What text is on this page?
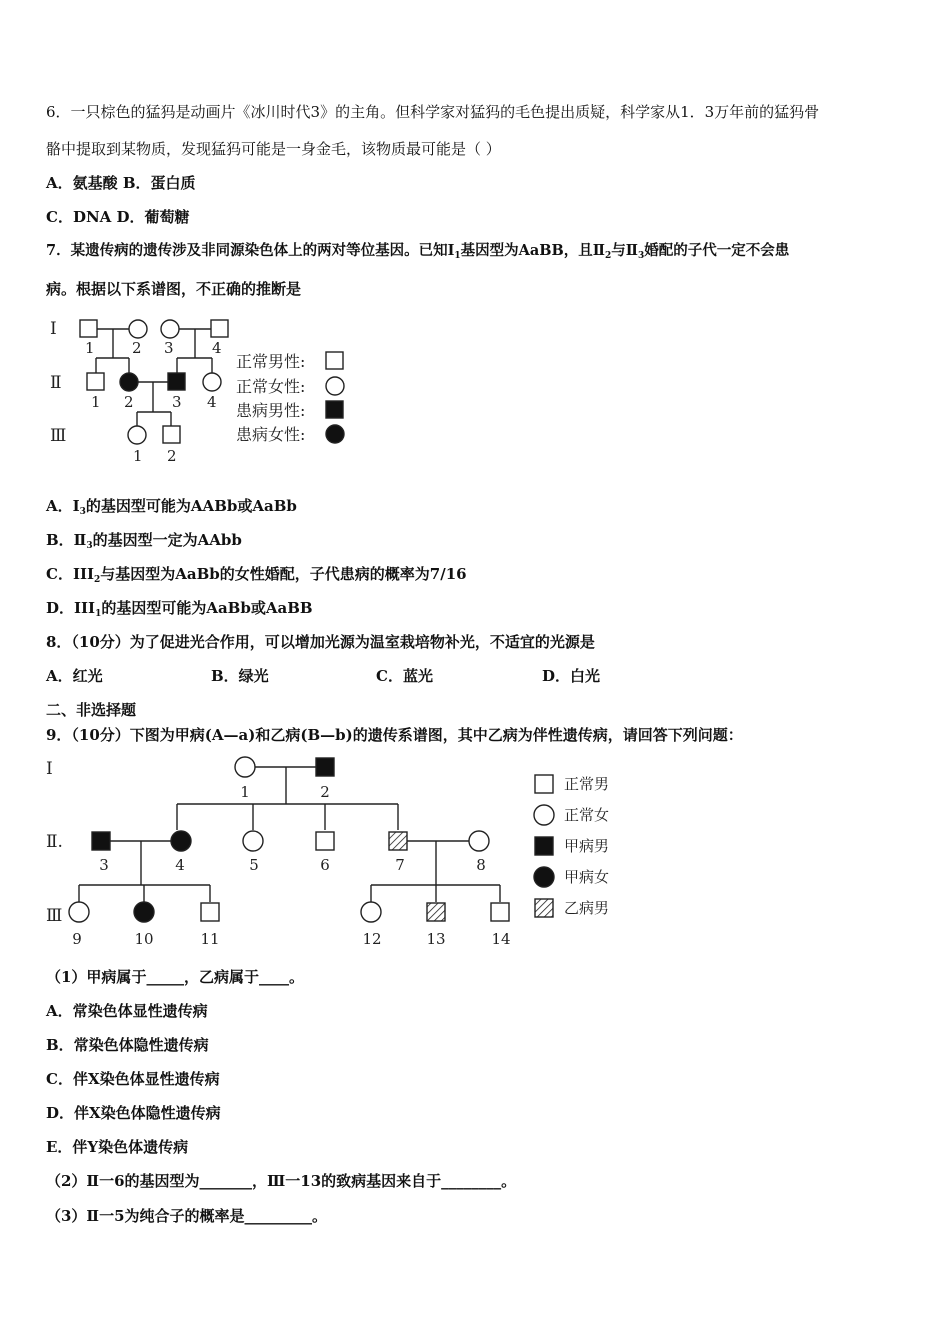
6．一只棕色的猛犸是动画片《冰川时代3》的主角。但科学家对猛犸的毛色提出质疑，科学家从1．3万年前的猛犸骨
骼中提取到某物质，发现猛犸可能是一身金毛，该物质最可能是（ ）
A．氨基酸 B．蛋白质
C．DNA D．葡萄糖
7．某遗传病的遗传涉及非同源染色体上的两对等位基因。已知$I_1$基因型为AaBB，且$Ⅱ_2$与$Ⅱ_3$婚配的子代一定不会患
病。根据以下系谱图，不正确的推断是
Ⅰ
Ⅱ
Ⅲ
1 2 3	4
1 2	3 4
1 2
正常男性:
正常女性:
患病男性:
患病女性:
A．$Ⅰ_3$的基因型可能为AABb或AaBb
B．$Ⅱ_3$的基因型一定为AAbb
C．$III_2$与基因型为AaBb的女性婚配，子代患病的概率为7/16
D．$III_1$的基因型可能为AaBb或AaBB
8．（10分）为了促进光合作用，可以增加光源为温室栽培物补光，不适宜的光源是
A．红光	B．绿光	C．蓝光	D．白光
二、非选择题
9．（10分）下图为甲病(A—a)和乙病(B—b)的遗传系谱图，其中乙病为伴性遗传病，请回答下列问题：
Ⅰ
Ⅱ.
Ⅲ
1	2
3	4	5	6	7	8
9	10	11	12	13	14
正常男
正常女
甲病男
甲病女
乙病男
（1）甲病属于_____，乙病属于____。
A．常染色体显性遗传病
B．常染色体隐性遗传病
C．伴X染色体显性遗传病
D．伴X染色体隐性遗传病
E．伴Y染色体遗传病
（2）Ⅱ一6的基因型为_______，Ⅲ一13的致病基因来自于________。
（3）Ⅱ一5为纯合子的概率是_________。
